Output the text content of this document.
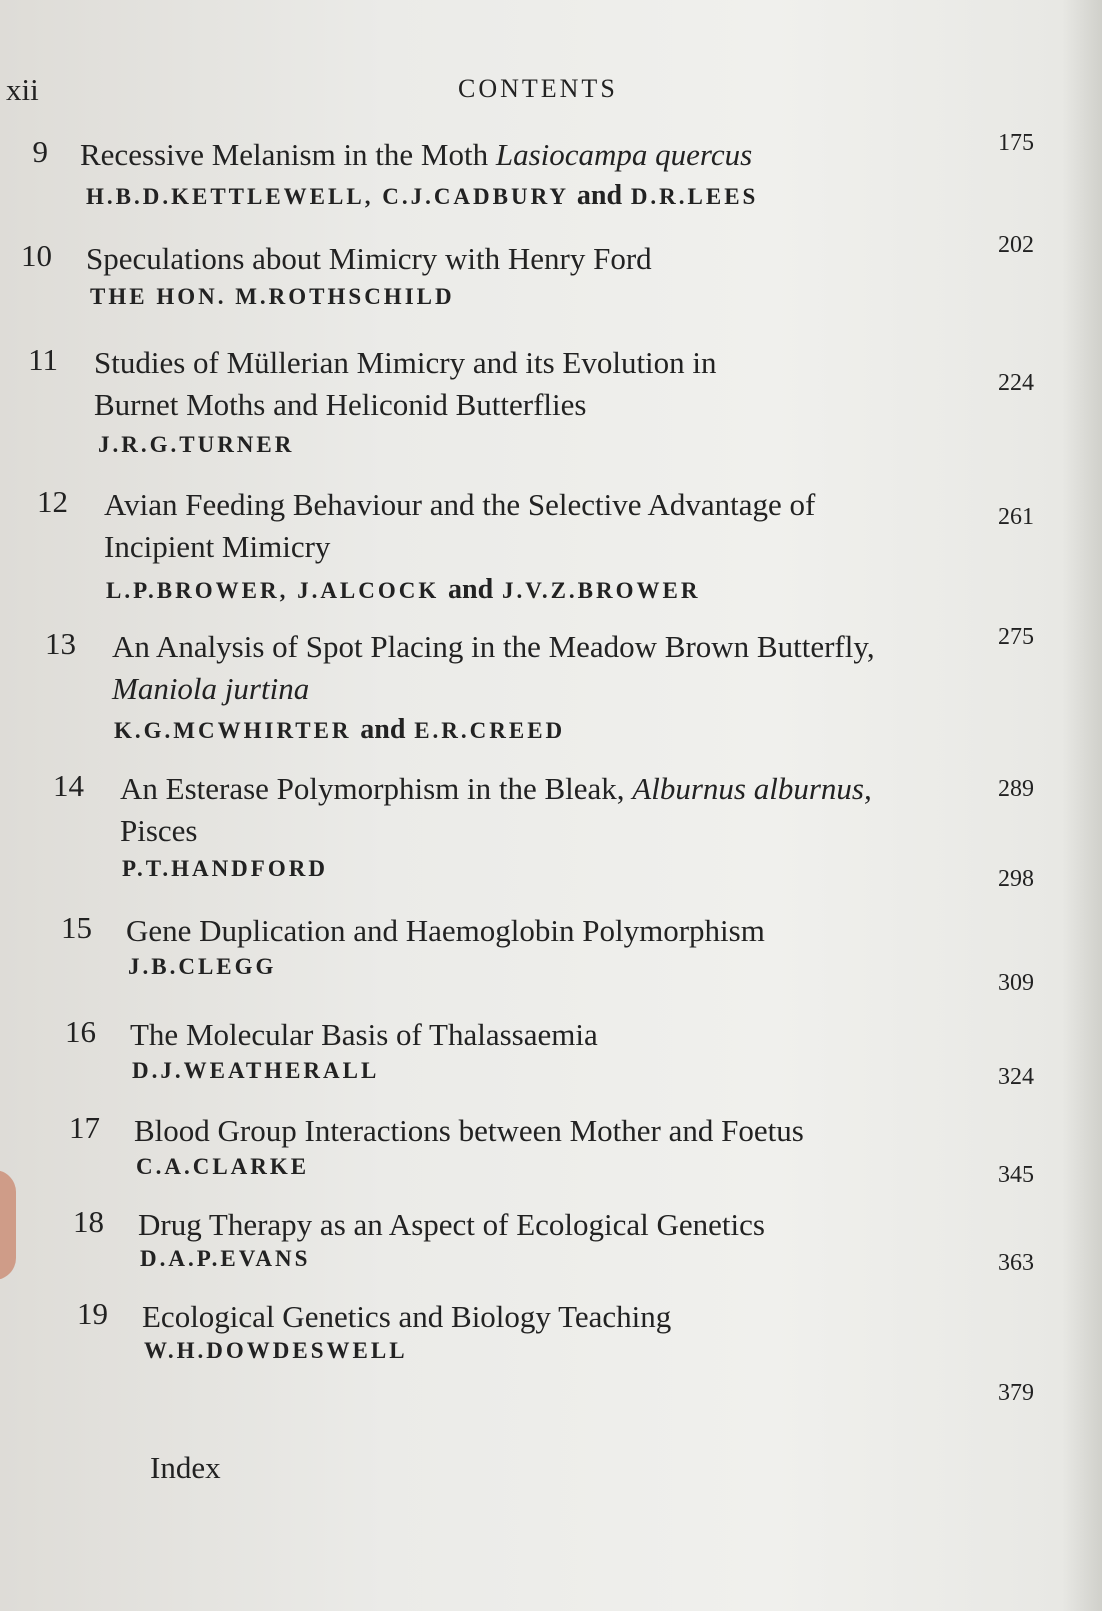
xii	CONTENTS
9 Recessive Melanism in the Moth Lasiocampa quercus
H.B.D.KETTLEWELL, C.J.CADBURY and D.R.LEES
175
10 Speculations about Mimicry with Henry Ford
THE HON. M.ROTHSCHILD
202
11 Studies of Müllerian Mimicry and its Evolution in
Burnet Moths and Heliconid Butterflies
J.R.G.TURNER
224
12 Avian Feeding Behaviour and the Selective Advantage of
Incipient Mimicry
L.P.BROWER, J.ALCOCK and J.V.Z.BROWER
261
13 An Analysis of Spot Placing in the Meadow Brown Butterfly,
Maniola jurtina
K.G.MCWHIRTER and E.R.CREED
275
14 An Esterase Polymorphism in the Bleak, Alburnus alburnus,
Pisces
P.T.HANDFORD
289
15 Gene Duplication and Haemoglobin Polymorphism
J.B.CLEGG
298
16 The Molecular Basis of Thalassaemia
D.J.WEATHERALL
309
17 Blood Group Interactions between Mother and Foetus
C.A.CLARKE
324
18 Drug Therapy as an Aspect of Ecological Genetics
D.A.P.EVANS
345
19 Ecological Genetics and Biology Teaching
W.H.DOWDESWELL
363
379
Index
